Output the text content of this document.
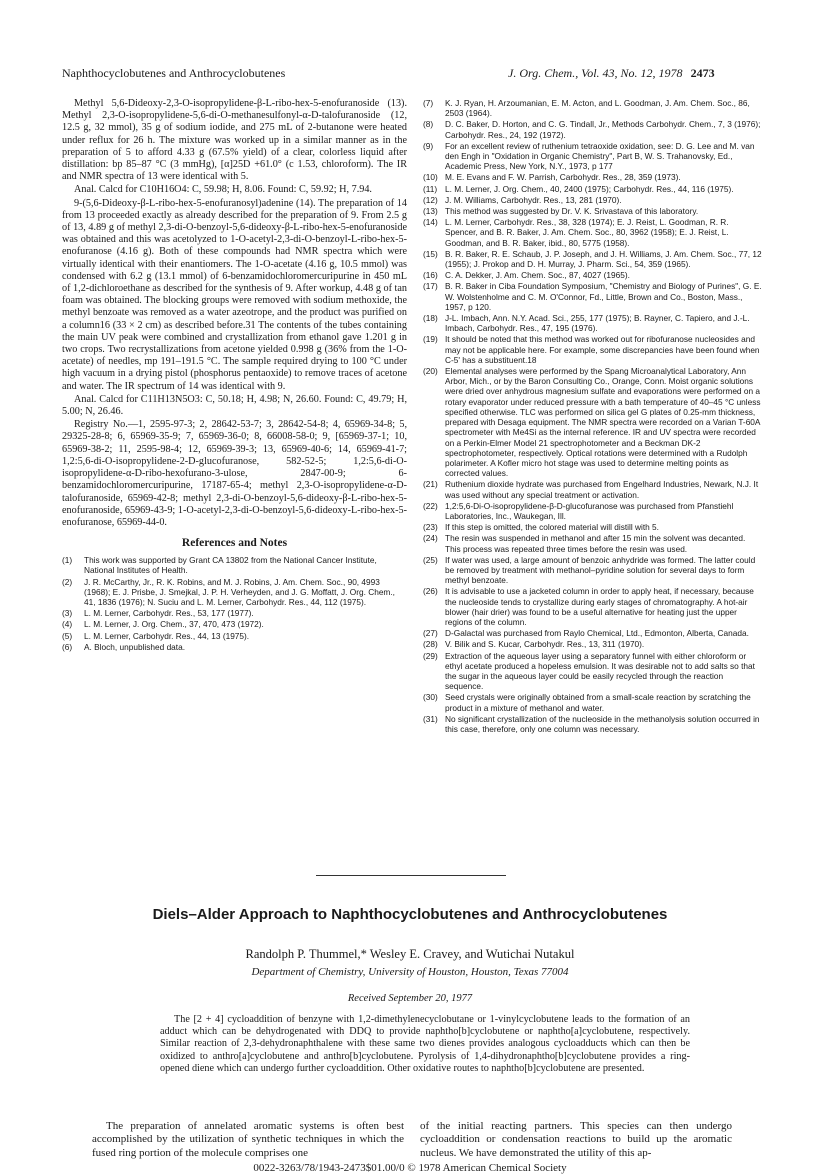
Naphthocyclobutenes and Anthrocyclobutenes	J. Org. Chem., Vol. 43, No. 12, 1978 2473

Methyl 5,6-Dideoxy-2,3-O-isopropylidene-β-L-ribo-hex-5-enofuranoside (13). Methyl 2,3-O-isopropylidene-5,6-di-O-methanesulfonyl-α-D-talofuranoside (12, 12.5 g, 32 mmol), 35 g of sodium iodide, and 275 mL of 2-butanone were heated under reflux for 26 h. The mixture was worked up in a similar manner as in the preparation of 5 to afford 4.33 g (67.5% yield) of a clear, colorless liquid after distillation: bp 85–87 °C (3 mmHg), [α]25D +61.0° (c 1.53, chloroform). The IR and NMR spectra of 13 were identical with 5.

Anal. Calcd for C10H16O4: C, 59.98; H, 8.06. Found: C, 59.92; H, 7.94.

9-(5,6-Dideoxy-β-L-ribo-hex-5-enofuranosyl)adenine (14). The preparation of 14 from 13 proceeded exactly as already described for the preparation of 9. From 2.5 g of 13, 4.89 g of methyl 2,3-di-O-benzoyl-5,6-dideoxy-β-L-ribo-hex-5-enofuranoside was obtained and this was acetolyzed to 1-O-acetyl-2,3-di-O-benzoyl-L-ribo-hex-5-enofuranose (4.16 g). Both of these compounds had NMR spectra which were virtually identical with their enantiomers. The 1-O-acetate (4.16 g, 10.5 mmol) was condensed with 6.2 g (13.1 mmol) of 6-benzamidochloromercuripurine in 450 mL of 1,2-dichloroethane as described for the synthesis of 9. After workup, 4.48 g of tan foam was obtained. The blocking groups were removed with sodium methoxide, the methyl benzoate was removed as a water azeotrope, and the product was purified on a column16 (33 × 2 cm) as described before.31 The contents of the tubes containing the main UV peak were combined and crystallization from ethanol gave 1.201 g in two crops. Two recrystallizations from acetone yielded 0.998 g (36% from the 1-O-acetate) of needles, mp 191–191.5 °C. The sample required drying to 100 °C under high vacuum in a drying pistol (phosphorus pentaoxide) to remove traces of acetone and water. The IR spectrum of 14 was identical with 9.

Anal. Calcd for C11H13N5O3: C, 50.18; H, 4.98; N, 26.60. Found: C, 49.79; H, 5.00; N, 26.46.

Registry No.—1, 2595-97-3; 2, 28642-53-7; 3, 28642-54-8; 4, 65969-34-8; 5, 29325-28-8; 6, 65969-35-9; 7, 65969-36-0; 8, 66008-58-0; 9, [65969-37-1; 10, 65969-38-2; 11, 2595-98-4; 12, 65969-39-3; 13, 65969-40-6; 14, 65969-41-7; 1,2:5,6-di-O-isopropylidene-2-D-glucofuranose, 582-52-5; 1,2:5,6-di-O-isopropylidene-α-D-ribo-hexofurano-3-ulose, 2847-00-9; 6-benzamidochloromercuripurine, 17187-65-4; methyl 2,3-O-isopropylidene-α-D-talofuranoside, 65969-42-8; methyl 2,3-di-O-benzoyl-5,6-dideoxy-β-L-ribo-hex-5-enofuranoside, 65969-43-9; 1-O-acetyl-2,3-di-O-benzoyl-5,6-dideoxy-L-ribo-hex-5-enofuranose, 65969-44-0.

References and Notes
(1)	This work was supported by Grant CA 13802 from the National Cancer Institute, National Institutes of Health.
(2)	J. R. McCarthy, Jr., R. K. Robins, and M. J. Robins, J. Am. Chem. Soc., 90, 4993 (1968); E. J. Prisbe, J. Smejkal, J. P. H. Verheyden, and J. G. Moffatt, J. Org. Chem., 41, 1836 (1976); N. Suciu and L. M. Lerner, Carbohydr. Res., 44, 112 (1975).
(3)	L. M. Lerner, Carbohydr. Res., 53, 177 (1977).
(4)	L. M. Lerner, J. Org. Chem., 37, 470, 473 (1972).
(5)	L. M. Lerner, Carbohydr. Res., 44, 13 (1975).
(6)	A. Bloch, unpublished data.
(7)	K. J. Ryan, H. Arzoumanian, E. M. Acton, and L. Goodman, J. Am. Chem. Soc., 86, 2503 (1964).
(8)	D. C. Baker, D. Horton, and C. G. Tindall, Jr., Methods Carbohydr. Chem., 7, 3 (1976); Carbohydr. Res., 24, 192 (1972).
(9)	For an excellent review of ruthenium tetraoxide oxidation, see: D. G. Lee and M. van den Engh in "Oxidation in Organic Chemistry", Part B, W. S. Trahanovsky, Ed., Academic Press, New York, N.Y., 1973, p 177
(10) M. E. Evans and F. W. Parrish, Carbohydr. Res., 28, 359 (1973).
(11) L. M. Lerner, J. Org. Chem., 40, 2400 (1975); Carbohydr. Res., 44, 116 (1975).
(12) J. M. Williams, Carbohydr. Res., 13, 281 (1970).
(13) This method was suggested by Dr. V. K. Srivastava of this laboratory.
(14) L. M. Lerner, Carbohydr. Res., 38, 328 (1974); E. J. Reist, L. Goodman, R. R. Spencer, and B. R. Baker, J. Am. Chem. Soc., 80, 3962 (1958); E. J. Reist, L. Goodman, and B. R. Baker, ibid., 80, 5775 (1958).
(15) B. R. Baker, R. E. Schaub, J. P. Joseph, and J. H. Williams, J. Am. Chem. Soc., 77, 12 (1955); J. Prokop and D. H. Murray, J. Pharm. Sci., 54, 359 (1965).
(16) C. A. Dekker, J. Am. Chem. Soc., 87, 4027 (1965).
(17) B. R. Baker in Ciba Foundation Symposium, "Chemistry and Biology of Purines", G. E. W. Wolstenholme and C. M. O'Connor, Fd., Little, Brown and Co., Boston, Mass., 1957, p 120.
(18) J-L. Imbach, Ann. N.Y. Acad. Sci., 255, 177 (1975); B. Rayner, C. Tapiero, and J.-L. Imbach, Carbohydr. Res., 47, 195 (1976).
(19) It should be noted that this method was worked out for ribofuranose nucleosides and may not be applicable here. For example, some discrepancies have been found when C-5' has a substituent.18
(20) Elemental analyses were performed by the Spang Microanalytical Laboratory, Ann Arbor, Mich., or by the Baron Consulting Co., Orange, Conn. Moist organic solutions were dried over anhydrous magnesium sulfate and evaporations were performed on a rotary evaporator under reduced pressure with a bath temperature of 40–45 °C unless specified otherwise. TLC was performed on silica gel G plates of 0.25-mm thickness, prepared with Desaga equipment. The NMR spectra were recorded on a Varian T-60A spectrometer with Me4Si as the internal reference. IR and UV spectra were recorded on a Perkin-Elmer Model 21 spectrophotometer and a Beckman DK-2 spectrophotometer, respectively. Optical rotations were determined with a Rudolph polarimeter. A Kofler micro hot stage was used to determine melting points as corrected values.
(21) Ruthenium dioxide hydrate was purchased from Engelhard Industries, Newark, N.J. It was used without any special treatment or activation.
(22) 1,2:5,6-Di-O-isopropylidene-β-D-glucofuranose was purchased from Pfanstiehl Laboratories, Inc., Waukegan, Ill.
(23) If this step is omitted, the colored material will distill with 5.
(24) The resin was suspended in methanol and after 15 min the solvent was decanted. This process was repeated three times before the resin was used.
(25) If water was used, a large amount of benzoic anhydride was formed. The latter could be removed by treatment with methanol–pyridine solution for several days to form methyl benzoate.
(26) It is advisable to use a jacketed column in order to apply heat, if necessary, because the nucleoside tends to crystallize during early stages of chromatography. A hot-air blower (hair drier) was found to be a useful alternative for heating just the upper regions of the column.
(27) D-Galactal was purchased from Raylo Chemical, Ltd., Edmonton, Alberta, Canada.
(28) V. Bilik and S. Kucar, Carbohydr. Res., 13, 311 (1970).
(29) Extraction of the aqueous layer using a separatory funnel with either chloroform or ethyl acetate produced a hopeless emulsion. It was desirable not to add salts so that the sugar in the aqueous layer could be easily recycled through the reaction sequence.
(30) Seed crystals were originally obtained from a small-scale reaction by scratching the product in a mixture of methanol and water.
(31) No significant crystallization of the nucleoside in the methanolysis solution occurred in this case, therefore, only one column was necessary.
Diels–Alder Approach to Naphthocyclobutenes and Anthrocyclobutenes
Randolph P. Thummel,* Wesley E. Cravey, and Wutichai Nutakul
Department of Chemistry, University of Houston, Houston, Texas 77004
Received September 20, 1977
The [2 + 4] cycloaddition of benzyne with 1,2-dimethylenecyclobutane or 1-vinylcyclobutene leads to the formation of an adduct which can be dehydrogenated with DDQ to provide naphtho[b]cyclobutene or naphtho[a]cyclobutene, respectively. Similar reaction of 2,3-dehydronaphthalene with these same two dienes provides analogous cycloadducts which can then be oxidized to anthro[a]cyclobutene and anthro[b]cyclobutene. Pyrolysis of 1,4-dihydronaphtho[b]cyclobutene provides a ring-opened diene which can undergo further cycloaddition. Other oxidative routes to naphtho[b]cyclobutene are presented.
The preparation of annelated aromatic systems is often best accomplished by the utilization of synthetic techniques in which the fused ring portion of the molecule comprises one
of the initial reacting partners. This species can then undergo cycloaddition or condensation reactions to build up the aromatic nucleus. We have demonstrated the utility of this ap-
0022-3263/78/1943-2473$01.00/0 © 1978 American Chemical Society
